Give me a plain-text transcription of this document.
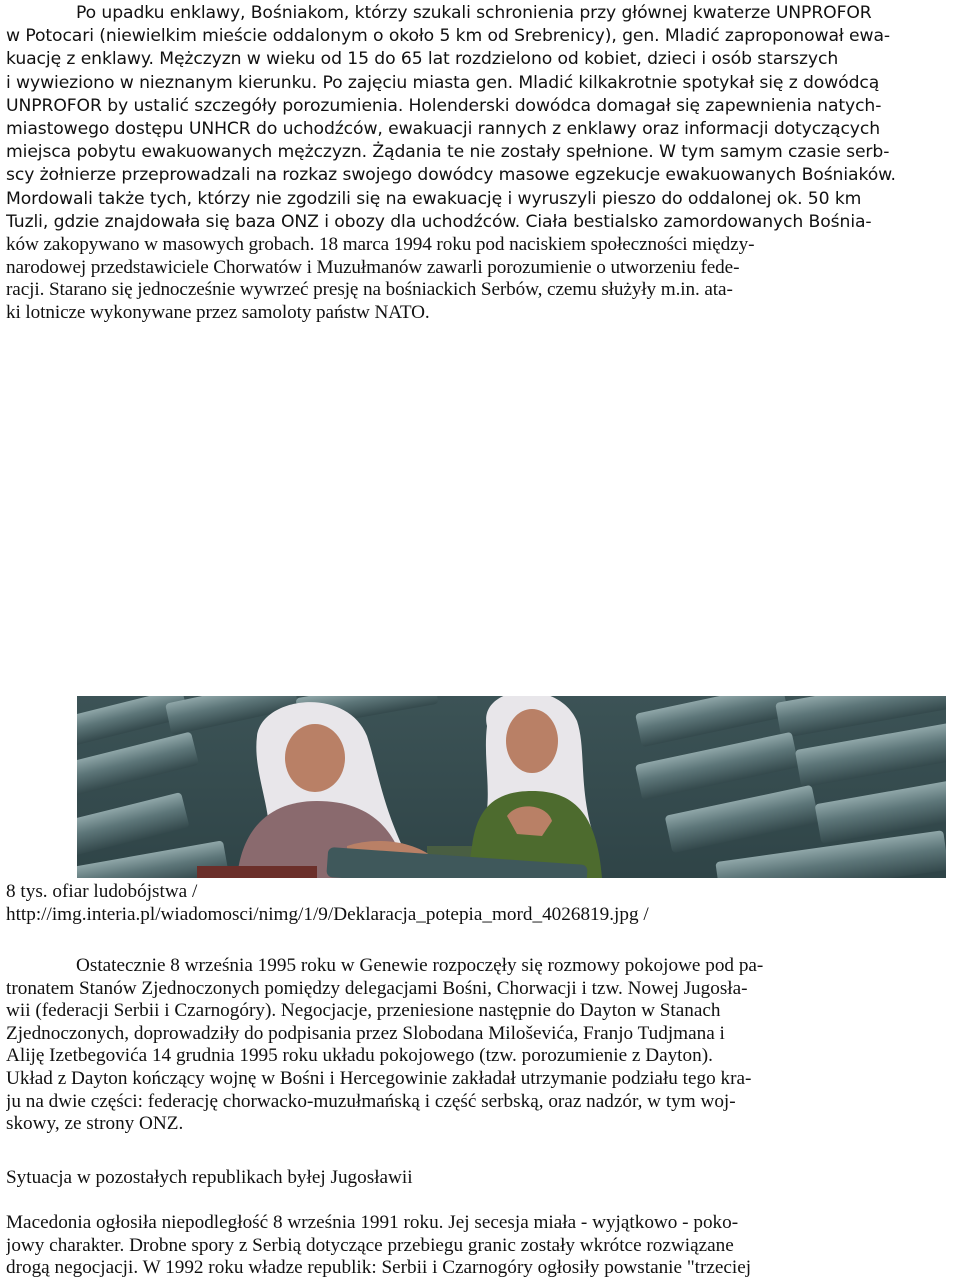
Po upadku enklawy, Bośniakom, którzy szukali schronienia przy głównej kwaterze UNPROFOR
w Potocari (niewielkim mieście oddalonym o około 5 km od Srebrenicy), gen. Mladić zaproponował ewa-
kuację z enklawy. Mężczyzn w wieku od 15 do 65 lat rozdzielono od kobiet, dzieci i osób starszych
i wywieziono w nieznanym kierunku. Po zajęciu miasta gen. Mladić kilkakrotnie spotykał się z dowódcą
UNPROFOR by ustalić szczegóły porozumienia. Holenderski dowódca domagał się zapewnienia natych-
miastowego dostępu UNHCR do uchodźców, ewakuacji rannych z enklawy oraz informacji dotyczących
miejsca pobytu ewakuowanych mężczyzn. Żądania te nie zostały spełnione. W tym samym czasie serb-
scy żołnierze przeprowadzali na rozkaz swojego dowódcy masowe egzekucje ewakuowanych Bośniaków.
Mordowali także tych, którzy nie zgodzili się na ewakuację i wyruszyli pieszo do oddalonej ok. 50 km
Tuzli, gdzie znajdowała się baza ONZ i obozy dla uchodźców. Ciała bestialsko zamordowanych Bośnia-
ków zakopywano w masowych grobach. 18 marca 1994 roku pod naciskiem społeczności między-
narodowej przedstawiciele Chorwatów i Muzułmanów zawarli porozumienie o utworzeniu fede-
racji. Starano się jednocześnie wywrzeć presję na bośniackich Serbów, czemu służyły m.in. ata-
ki lotnicze wykonywane przez samoloty państw NATO.

8 tys. ofiar ludobójstwa /
http://img.interia.pl/wiadomosci/nimg/1/9/Deklaracja_potepia_mord_4026819.jpg /

Ostatecznie 8 września 1995 roku w Genewie rozpoczęły się rozmowy pokojowe pod pa-
tronatem Stanów Zjednoczonych pomiędzy delegacjami Bośni, Chorwacji i tzw. Nowej Jugosła-
wii (federacji Serbii i Czarnogóry). Negocjacje, przeniesione następnie do Dayton w Stanach
Zjednoczonych, doprowadziły do podpisania przez Slobodana Miloševića, Franjo Tudjmana i
Aliję Izetbegovića 14 grudnia 1995 roku układu pokojowego (tzw. porozumienie z Dayton).
Układ z Dayton kończący wojnę w Bośni i Hercegowinie zakładał utrzymanie podziału tego kra-
ju na dwie części: federację chorwacko-muzułmańską i część serbską, oraz nadzór, w tym woj-
skowy, ze strony ONZ.

Sytuacja w pozostałych republikach byłej Jugosławii

Macedonia ogłosiła niepodległość 8 września 1991 roku. Jej secesja miała - wyjątkowo - poko-
jowy charakter. Drobne spory z Serbią dotyczące przebiegu granic zostały wkrótce rozwiązane
drogą negocjacji. W 1992 roku władze republik: Serbii i Czarnogóry ogłosiły powstanie "trzeciej
